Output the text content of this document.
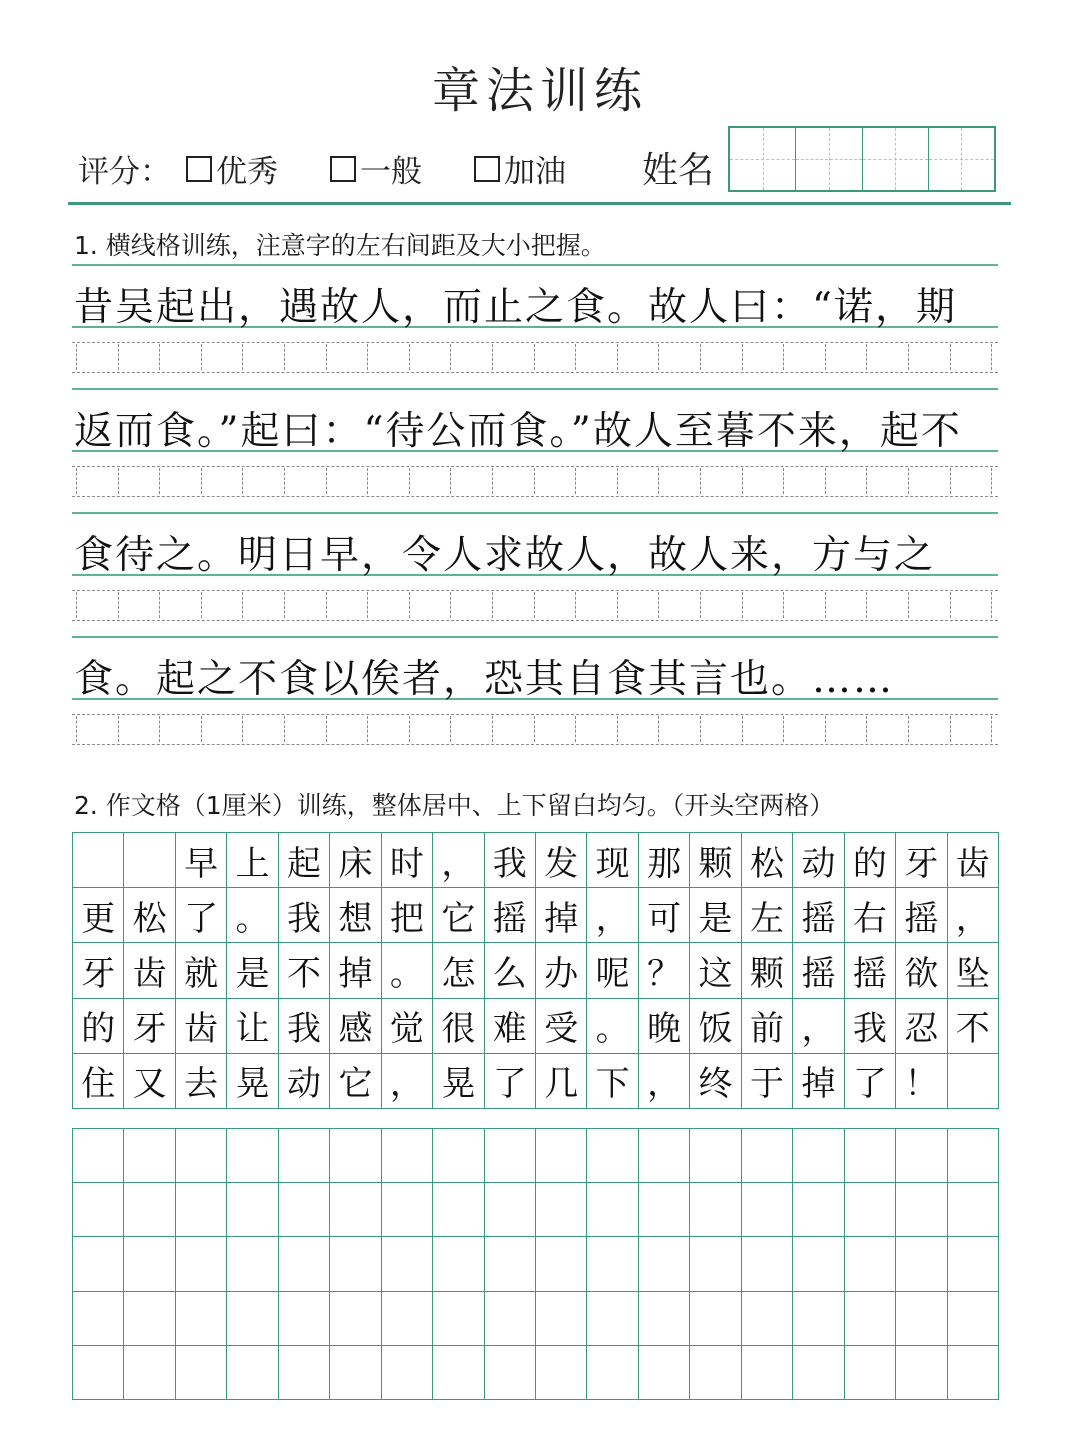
章法训练
评分： 优秀	一般	加油 姓名
1. 横线格训练，注意字的左右间距及大小把握。
昔吴起出，遇故人，而止之食。故人曰：“诺，期
返而食。”起曰：“待公而食。”故人至暮不来，起不
食待之。明日早，令人求故人，故人来，方与之
食。起之不食以俟者，恐其自食其言也。……
2. 作文格（1厘米）训练，整体居中、上下留白均匀。（开头空两格）
早 上 起 床 时 ， 我 发 现 那 颗 松 动 的 牙 齿
更 松 了 。 我 想 把 它 摇 掉 ， 可 是 左 摇 右 摇 ，
牙 齿 就 是 不 掉 。 怎 么 办 呢 ？ 这 颗 摇 摇 欲 坠
的 牙 齿 让 我 感 觉 很 难 受 。 晚 饭 前 ， 我 忍 不
住 又 去 晃 动 它 ， 晃 了 几 下 ， 终 于 掉 了 ！
